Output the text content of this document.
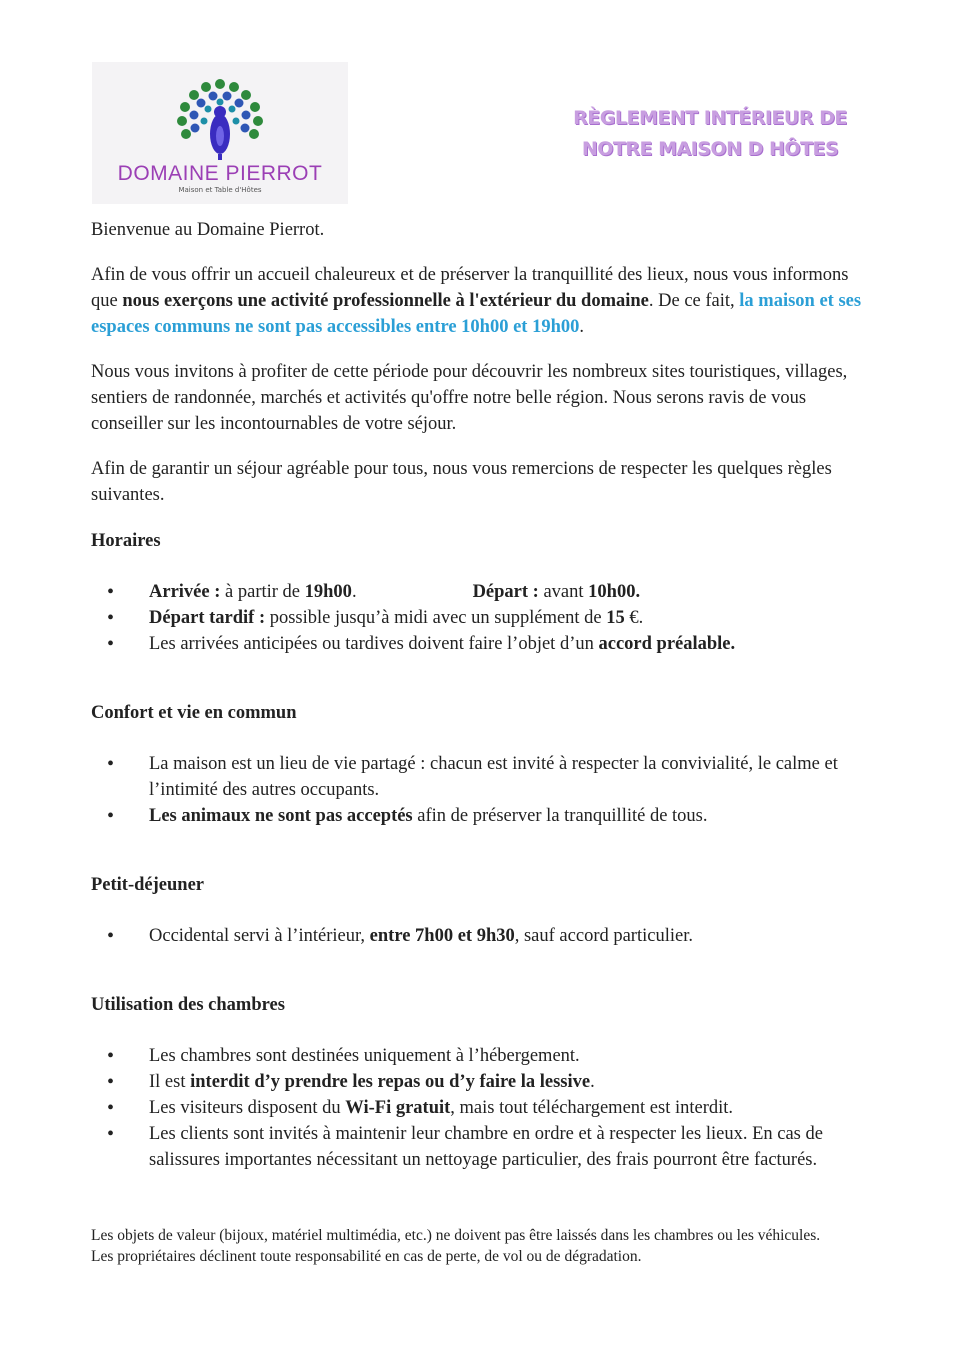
DOMAINE PIERROT
Maison et Table d'Hôtes
RÈGLEMENT INTÉRIEUR DE
NOTRE MAISON D HÔTES

Bienvenue au Domaine Pierrot.

Afin de vous offrir un accueil chaleureux et de préserver la tranquillité des lieux, nous vous informons que nous exerçons une activité professionnelle à l'extérieur du domaine. De ce fait, la maison et ses espaces communs ne sont pas accessibles entre 10h00 et 19h00.

Nous vous invitons à profiter de cette période pour découvrir les nombreux sites touristiques, villages, sentiers de randonnée, marchés et activités qu'offre notre belle région. Nous serons ravis de vous conseiller sur les incontournables de votre séjour.

Afin de garantir un séjour agréable pour tous, nous vous remercions de respecter les quelques règles suivantes.

Horaires
• Arrivée : à partir de 19h00.	Départ : avant 10h00.
• Départ tardif : possible jusqu’à midi avec un supplément de 15 €.
• Les arrivées anticipées ou tardives doivent faire l’objet d’un accord préalable.
Confort et vie en commun
• La maison est un lieu de vie partagé : chacun est invité à respecter la convivialité, le calme et l’intimité des autres occupants.
• Les animaux ne sont pas acceptés afin de préserver la tranquillité de tous.
Petit-déjeuner
• Occidental servi à l’intérieur, entre 7h00 et 9h30, sauf accord particulier.
Utilisation des chambres
• Les chambres sont destinées uniquement à l’hébergement.
• Il est interdit d’y prendre les repas ou d’y faire la lessive.
• Les visiteurs disposent du Wi-Fi gratuit, mais tout téléchargement est interdit.
• Les clients sont invités à maintenir leur chambre en ordre et à respecter les lieux. En cas de salissures importantes nécessitant un nettoyage particulier, des frais pourront être facturés.

Les objets de valeur (bijoux, matériel multimédia, etc.) ne doivent pas être laissés dans les chambres ou les véhicules.

Les propriétaires déclinent toute responsabilité en cas de perte, de vol ou de dégradation.
